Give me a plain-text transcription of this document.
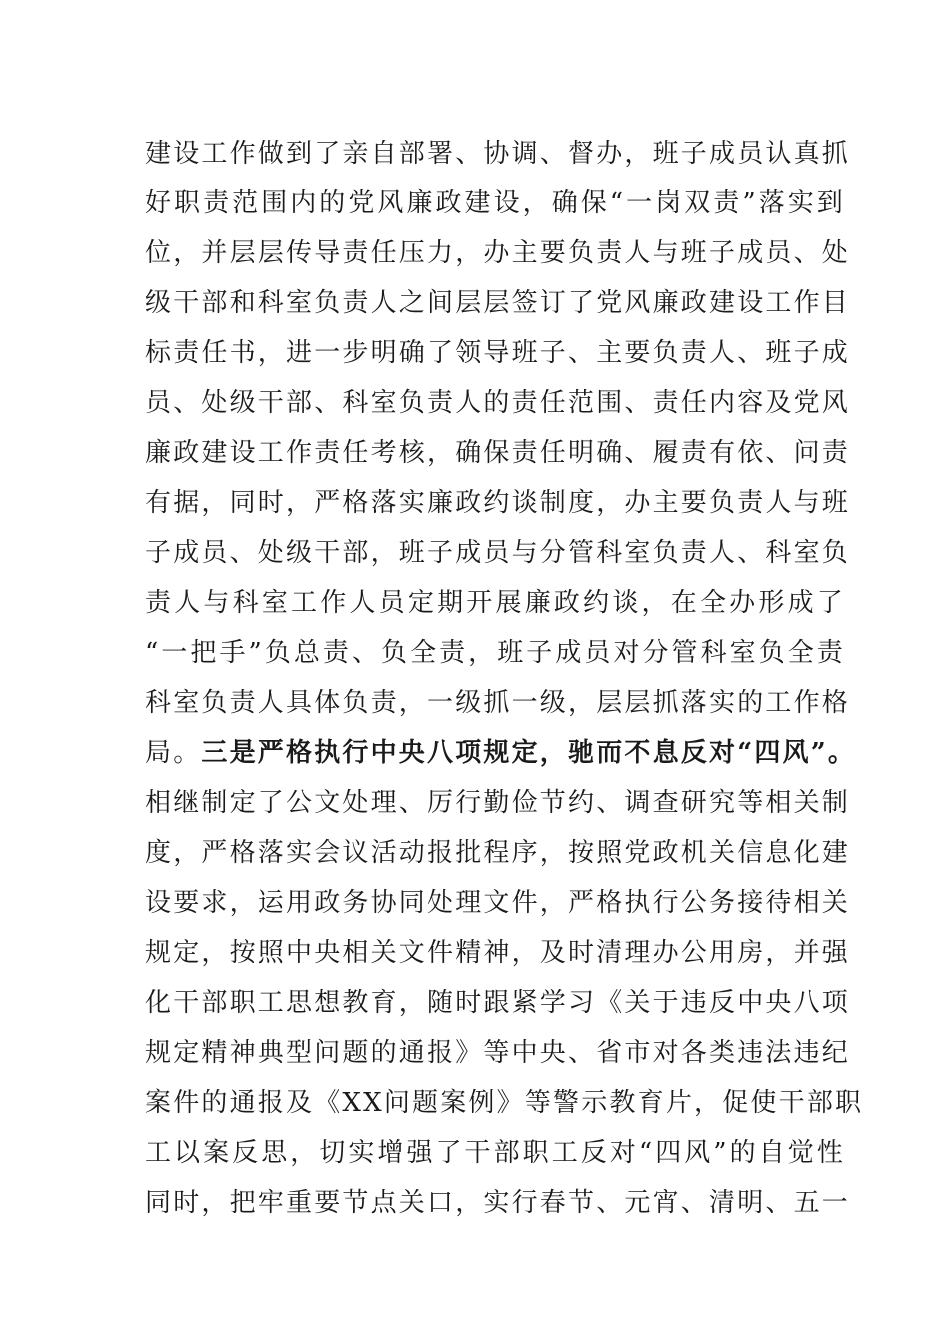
建设工作做到了亲自部署、协调、督办，班子成员认真抓
好职责范围内的党风廉政建设，确保“一岗双责”落实到
位，并层层传导责任压力，办主要负责人与班子成员、处
级干部和科室负责人之间层层签订了党风廉政建设工作目
标责任书，进一步明确了领导班子、主要负责人、班子成
员、处级干部、科室负责人的责任范围、责任内容及党风
廉政建设工作责任考核，确保责任明确、履责有依、问责
有据，同时，严格落实廉政约谈制度，办主要负责人与班
子成员、处级干部，班子成员与分管科室负责人、科室负
责人与科室工作人员定期开展廉政约谈，在全办形成了
“一把手”负总责、负全责，班子成员对分管科室负全责
科室负责人具体负责，一级抓一级，层层抓落实的工作格
局。三是严格执行中央八项规定，驰而不息反对“四风”。
相继制定了公文处理、厉行勤俭节约、调查研究等相关制
度，严格落实会议活动报批程序，按照党政机关信息化建
设要求，运用政务协同处理文件，严格执行公务接待相关
规定，按照中央相关文件精神，及时清理办公用房，并强
化干部职工思想教育，随时跟紧学习《关于违反中央八项
规定精神典型问题的通报》等中央、省市对各类违法违纪
案件的通报及《XX问题案例》等警示教育片，促使干部职
工以案反思，切实增强了干部职工反对“四风”的自觉性
同时，把牢重要节点关口，实行春节、元宵、清明、五一
